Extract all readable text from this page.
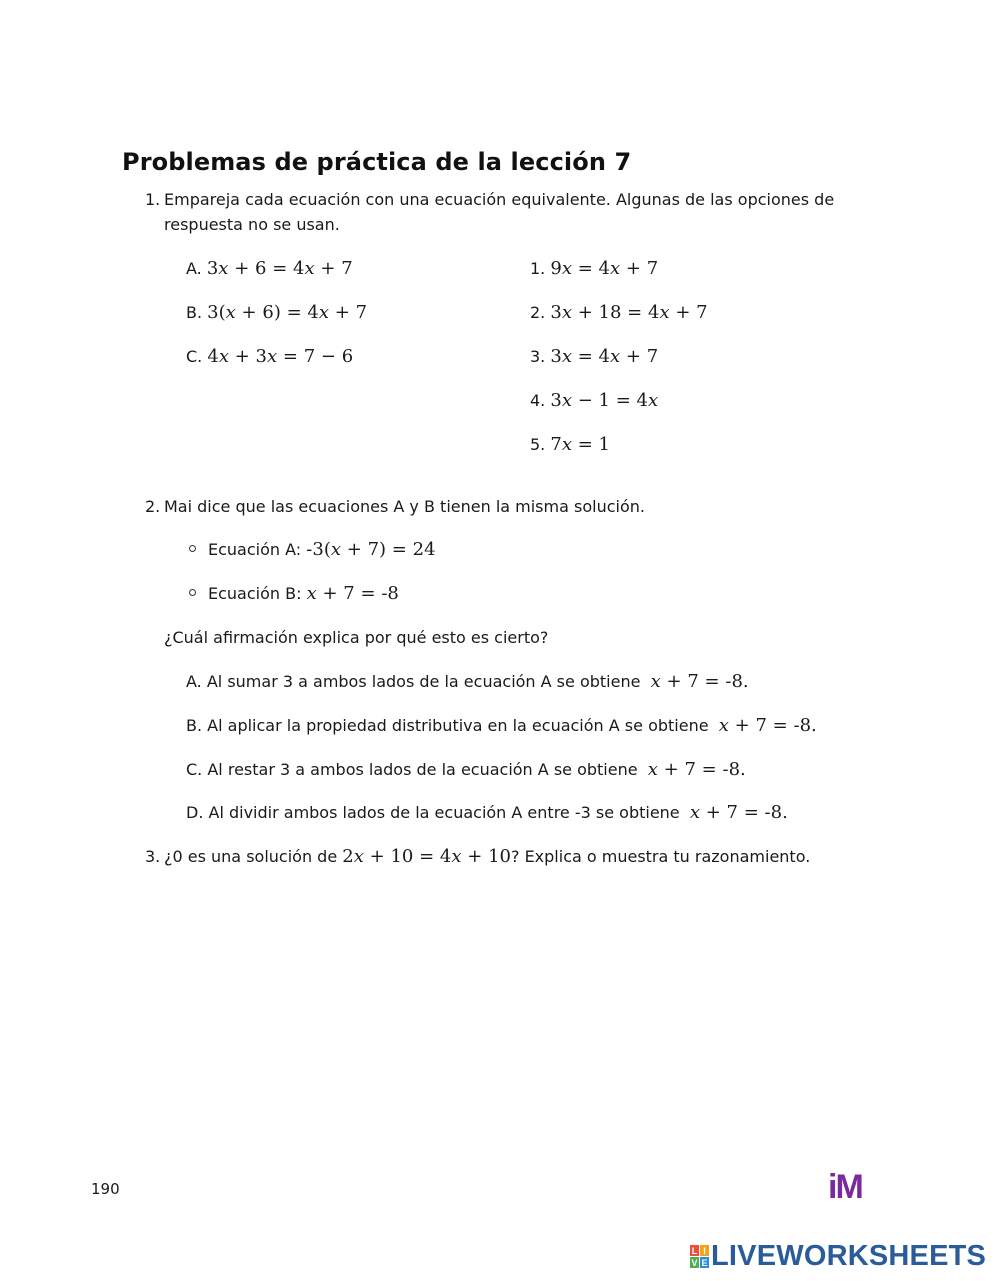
Problemas de práctica de la lección 7
1. Empareja cada ecuación con una ecuación equivalente. Algunas de las opciones de
respuesta no se usan.
A. 3x + 6 = 4x + 7
B. 3(x + 6) = 4x + 7
C. 4x + 3x = 7 − 6
1. 9x = 4x + 7
2. 3x + 18 = 4x + 7
3. 3x = 4x + 7
4. 3x − 1 = 4x
5. 7x = 1
2. Mai dice que las ecuaciones A y B tienen la misma solución.
Ecuación A: -3(x + 7) = 24
Ecuación B: x + 7 = -8
¿Cuál afirmación explica por qué esto es cierto?
A. Al sumar 3 a ambos lados de la ecuación A se obtiene x + 7 = -8.
B. Al aplicar la propiedad distributiva en la ecuación A se obtiene x + 7 = -8.
C. Al restar 3 a ambos lados de la ecuación A se obtiene x + 7 = -8.
D. Al dividir ambos lados de la ecuación A entre -3 se obtiene x + 7 = -8.
3. ¿0 es una solución de 2x + 10 = 4x + 10? Explica o muestra tu razonamiento.
190	iM
L I
V E LIVEWORKSHEETS
